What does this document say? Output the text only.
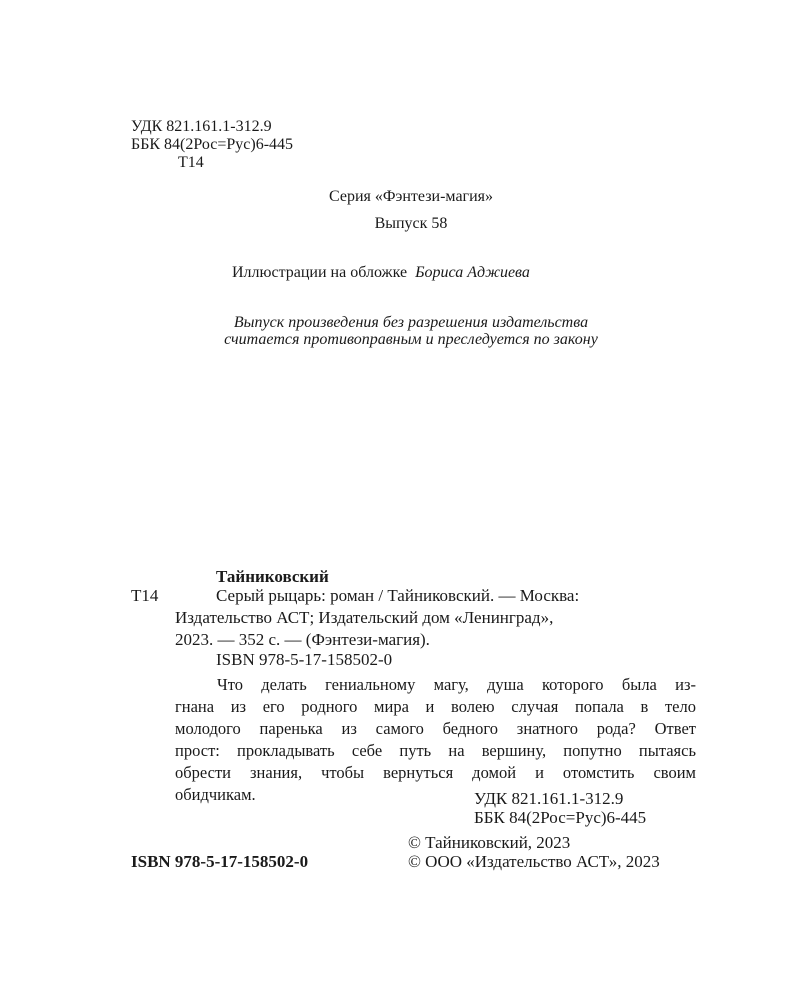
УДК 821.161.1-312.9
ББК 84(2Рос=Рус)6-445
Т14
Серия «Фэнтези-магия»
Выпуск 58
Иллюстрации на обложке Бориса Аджиева
Выпуск произведения без разрешения издательства
считается противоправным и преследуется по закону
Тайниковский
Т14	Серый рыцарь: роман / Тайниковский. — Москва:
Издательство АСТ; Издательский дом «Ленинград»,
2023. — 352 с. — (Фэнтези-магия).
ISBN 978-5-17-158502-0
Что делать гениальному магу, душа которого была из-
гнана из его родного мира и волею случая попала в тело
молодого паренька из самого бедного знатного рода? Ответ
прост: прокладывать себе путь на вершину, попутно пытаясь
обрести знания, чтобы вернуться домой и отомстить своим
обидчикам.	УДК 821.161.1-312.9
ББК 84(2Рос=Рус)6-445
© Тайниковский, 2023
ISBN 978-5-17-158502-0	© ООО «Издательство АСТ», 2023
